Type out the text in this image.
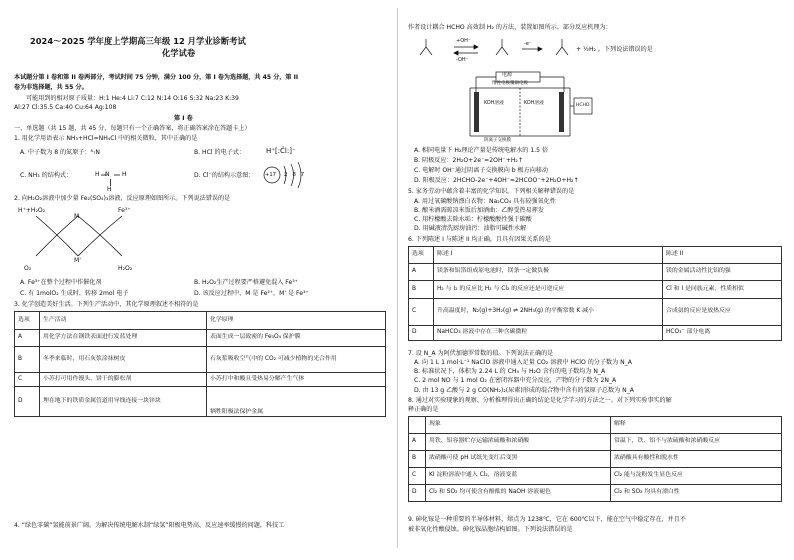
2024～2025 学年度上学期高三年级 12 月学业诊断考试
化学试卷
本试题分第 I 卷和第 II 卷两部分，考试时间 75 分钟，满分 100 分，第 I 卷为选择题，共 45 分，第 II
卷为非选择题，共 55 分。
可能用到的相对原子质量：H:1 He:4 Li:7 C:12 N:14 O:16 S:32 Na:23 K:39
Al:27 Cl:35.5 Ca:40 Cu:64 Ag:108
第 I 卷
一、单选题（共 15 题，共 45 分，每题只有一个正确答案，将正确答案涂在答题卡上）
1. 用化学用语表示 NH₃+HCl=NH₄Cl 中的相关微粒，其中正确的是
A. 中子数为 8 的氮原子：⁸₇N	B. HCl 的电子式：	H⁺[:C̈l:]⁻
C. NH₃ 的结构式：	N
H	H
H
D. Cl⁻的结构示意图： +17 2 8 7
2. 向H₂O₂溶液中加少量 Fe₂(SO₄)₃溶液，反应原理如图所示。下列说法错误的是
H⁺+H₂O₂
M
Fe³⁺
O₂
M'
H₂O₂
A. Fe³⁺在整个过程中作催化剂	B. H₂O₂生产过程要严格避免混入 Fe³⁺
C. 有 1molO₂ 生成时，转移 2mol 电子	D. 该反应过程中，M 是 Fe²⁺，M' 是 Fe³⁺
3. 化学创造美好生活。下列生产活动中，其化学原理叙述不相符的是
选项	生产活动	化学原理
A	用化学方法在钢铁表面进行发蓝处理	表面生成一层致密的 Fe₃O₄ 保护膜
B	冬季来临时，用石灰浆涂抹树皮	石灰浆吸收空气中的 CO₂ 可减少植物的光合作用
C	小苏打可用作馒头、饼干的膨松剂	小苏打中和酸且受热易分解产生气体
D	埋在地下的铁质金属管道用导线连接一块锌块	牺牲阳极法保护金属
4. “绿色零碳”氢能前景广阔。为解决传统电解水制“绿氢”阳极电势高、反应速率缓慢的问题，科技工
作者设计耦合 HCHO 高效制 H₂ 的方法，装置如图所示。部分反应机理为：
+OH⁻
-OH⁻
-e⁻
+ ½H₂ 。下列说法错误的是
电源
惰性电极覆铜电极
KOH溶液	KOH溶液	HCHO
阴离子交换膜
A. 相同电量下 H₂理论产量是传统电解水的 1.5 倍
B. 阴极反应：2H₂O+2e⁻=2OH⁻+H₂↑
C. 电解时 OH⁻通过阴离子交换膜向 b 极方向移动
D. 阳极反应：2HCHO-2e⁻+4OH⁻=2HCOO⁻+2H₂O+H₂↑
5. 家务劳动中蕴含着丰富的化学知识。下列相关解释错误的是
A. 用过氧碳酸钠漂白衣物：Na₂CO₄ 具有较强氧化性
B. 酿米酒需晾凉米饭后加酒曲：乙醇受热易挥发
C. 用柠檬酸去除水垢：柠檬酸酸性强于碳酸
D. 用碱液清洗厨房油污：油脂可碱性水解
6. 下列陈述 I 与陈述 II 均正确，且具有因果关系的是
选项	陈述 I	陈述 II
A	镁条和铝箔组成原电池时，镁条一定做负极	镁的金属活动性比铝的强
B	H₂ 与 I₂ 的反应比 H₂ 与 Cl₂ 的反应还是可逆反应	Cl 和 I 是同族元素，性质相似
C	升高温度时，N₂(g)+3H₂(g) ⇌ 2NH₃(g) 的平衡常数 K 减小	合成氨的反应是放热反应
D	NaHCO₃ 溶液中存在三种含碳微粒	HCO₃⁻ 部分电离
7. 设 N_A 为阿伏加德罗常数的值。下列说法正确的是
A. 向 1 L 1 mol·L⁻¹ NaClO 溶液中通入足量 CO₂ 溶液中 HClO 的分子数为 N_A
B. 标准状况下，体积为 2.24 L 的 CH₄ 与 H₂O 含有的电子数均为 N_A
C. 2 mol NO 与 1 mol O₂ 在密闭容器中充分反应，产物的分子数为 2N_A
D. 由 13 g 乙酸与 2 g CO(NH₂)₂(尿素)形成的混合物中含有的氢原子总数为 N_A
8. 通过对实验现象的观察、分析推理得出正确的结论是化学学习的方法之一。对下列实验事实的解
释正确的是
	现象	解释
A	用铁、铝容器贮存运输浓硫酸和浓硝酸	常温下，铁、铝不与浓硫酸和浓硝酸反应
B	浓硝酸可使 pH 试纸先变红后变黑	浓硝酸具有酸性和脱水性
C	KI 淀粉溶液中通入 Cl₂，溶液变蓝	Cl₂ 能与淀粉发生显色反应
D	Cl₂ 和 SO₂ 均可使含有酚酞的 NaOH 溶液褪色	Cl₂ 和 SO₂ 均具有漂白性
9. 砷化镓是一种重要的半导体材料，熔点为 1238℃，它在 600℃以下，能在空气中稳定存在，并且不
被非氧化性酸侵蚀。砷化镓晶胞结构如图。下列说法错误的是
